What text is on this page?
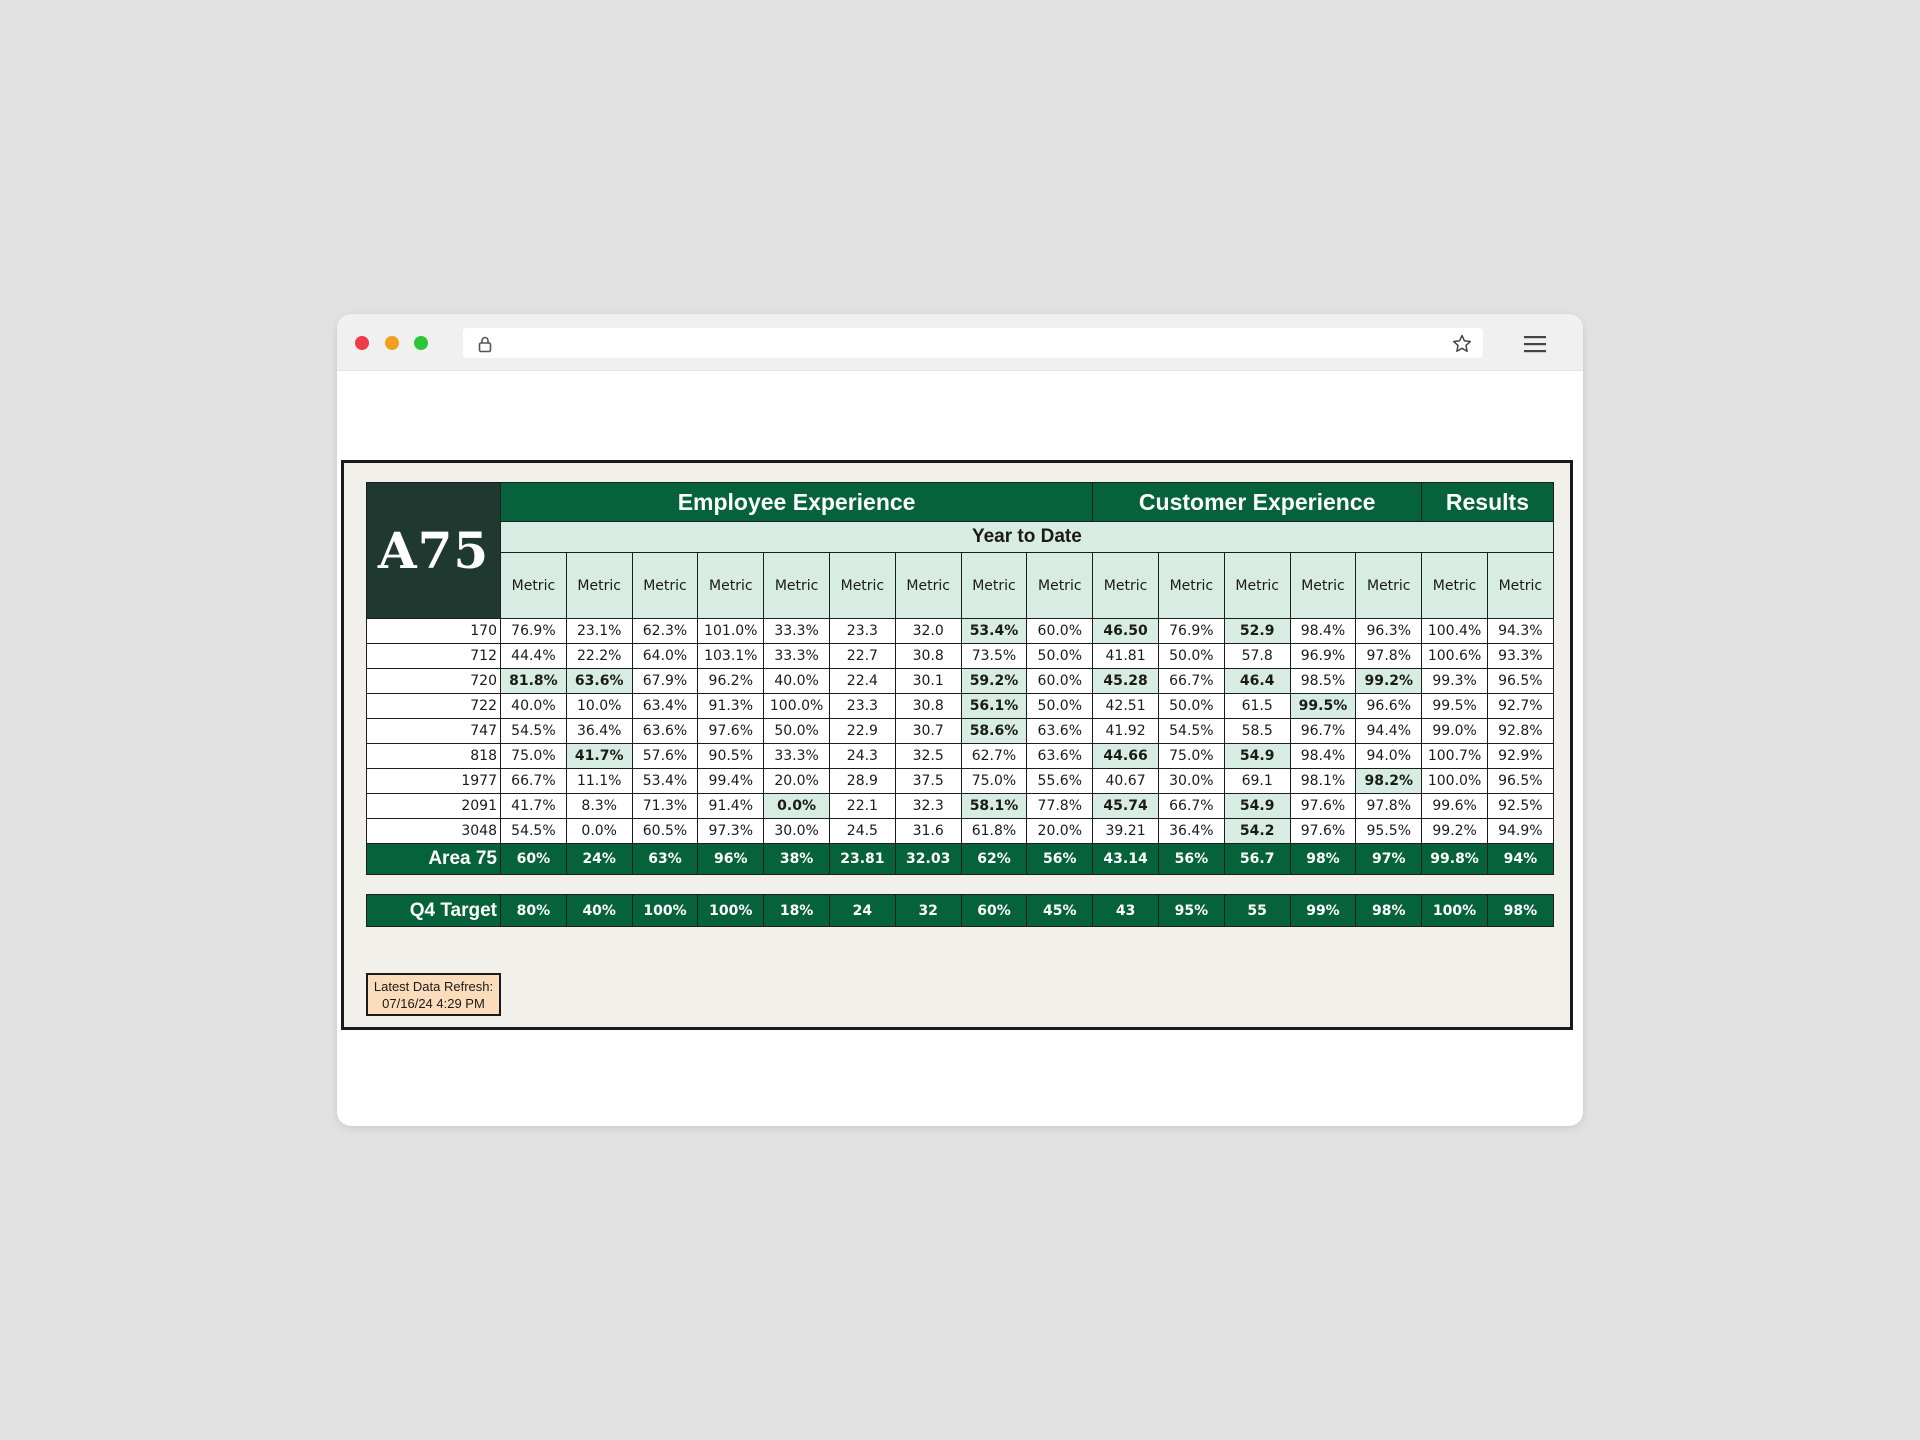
A75	Employee Experience									Customer Experience					Results	
	Year to Date															
	Metric	Metric	Metric	Metric	Metric	Metric	Metric	Metric	Metric	Metric	Metric	Metric	Metric	Metric	Metric	Metric
170	76.9%	23.1%	62.3%	101.0%	33.3%	23.3	32.0	53.4%	60.0%	46.50	76.9%	52.9	98.4%	96.3%	100.4%	94.3%
712	44.4%	22.2%	64.0%	103.1%	33.3%	22.7	30.8	73.5%	50.0%	41.81	50.0%	57.8	96.9%	97.8%	100.6%	93.3%
720	81.8%	63.6%	67.9%	96.2%	40.0%	22.4	30.1	59.2%	60.0%	45.28	66.7%	46.4	98.5%	99.2%	99.3%	96.5%
722	40.0%	10.0%	63.4%	91.3%	100.0%	23.3	30.8	56.1%	50.0%	42.51	50.0%	61.5	99.5%	96.6%	99.5%	92.7%
747	54.5%	36.4%	63.6%	97.6%	50.0%	22.9	30.7	58.6%	63.6%	41.92	54.5%	58.5	96.7%	94.4%	99.0%	92.8%
818	75.0%	41.7%	57.6%	90.5%	33.3%	24.3	32.5	62.7%	63.6%	44.66	75.0%	54.9	98.4%	94.0%	100.7%	92.9%
1977	66.7%	11.1%	53.4%	99.4%	20.0%	28.9	37.5	75.0%	55.6%	40.67	30.0%	69.1	98.1%	98.2%	100.0%	96.5%
2091	41.7%	8.3%	71.3%	91.4%	0.0%	22.1	32.3	58.1%	77.8%	45.74	66.7%	54.9	97.6%	97.8%	99.6%	92.5%
3048	54.5%	0.0%	60.5%	97.3%	30.0%	24.5	31.6	61.8%	20.0%	39.21	36.4%	54.2	97.6%	95.5%	99.2%	94.9%
Area 75	60%	24%	63%	96%	38%	23.81	32.03	62%	56%	43.14	56%	56.7	98%	97%	99.8%	94%

Q4 Target	80%	40%	100%	100%	18%	24	32	60%	45%	43	95%	55	99%	98%	100%	98%
Latest Data Refresh:
07/16/24 4:29 PM
